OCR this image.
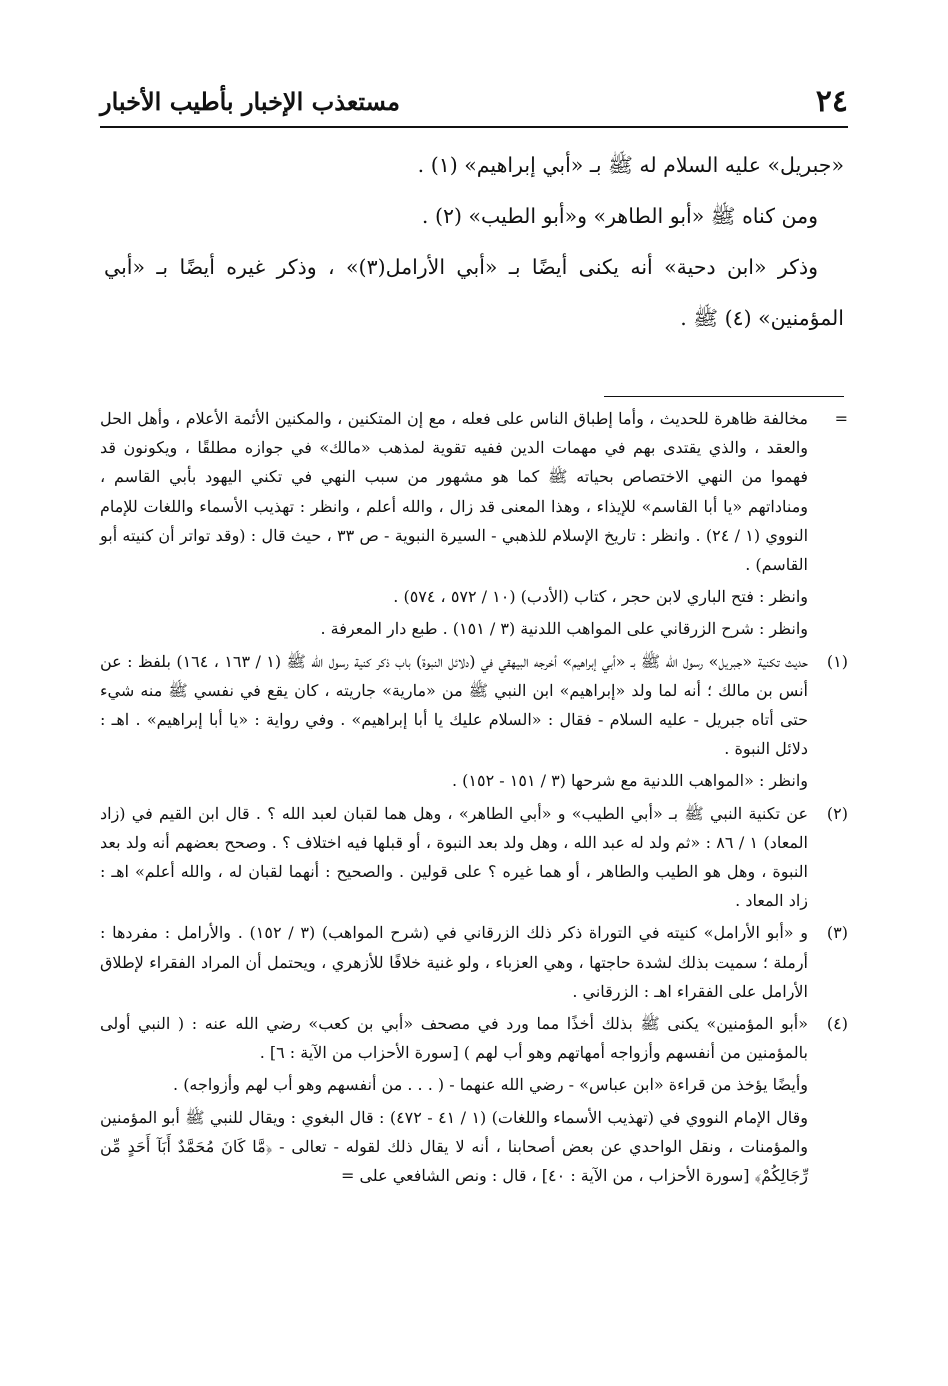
٢٤
مستعذب الإخبار بأطيب الأخبار

«جبريل» عليه السلام له ﷺ بـ «أبي إبراهيم» (١) .

ومن كناه ﷺ «أبو الطاهر» و«أبو الطيب» (٢) .

وذكر «ابن دحية» أنه يكنى أيضًا بـ «أبي الأرامل(٣)» ، وذكر غيره أيضًا بـ «أبي المؤمنين» (٤) ﷺ .

=

مخالفة ظاهرة للحديث ، وأما إطباق الناس على فعله ، مع إن المتكنين ، والمكنين الأئمة الأعلام ، وأهل الحل والعقد ، والذي يقتدى بهم في مهمات الدين ففيه تقوية لمذهب «مالك» في جوازه مطلقًا ، ويكونون قد فهموا من النهي الاختصاص بحياته ﷺ كما هو مشهور من سبب النهي في تكني اليهود بأبي القاسم ، ومناداتهم «يا أبا القاسم» للإيذاء ، وهذا المعنى قد زال ، والله أعلم ، وانظر : تهذيب الأسماء واللغات للإمام النووي (١ / ٢٤) . وانظر : تاريخ الإسلام للذهبي - السيرة النبوية - ص ٣٣ ، حيث قال : (وقد تواتر أن كنيته أبو القاسم) .

وانظر : فتح الباري لابن حجر ، كتاب (الأدب) (١٠ / ٥٧٢ ، ٥٧٤) .

وانظر : شرح الزرقاني على المواهب اللدنية (٣ / ١٥١) . طبع دار المعرفة .

(١)

حديث تكنية «جبريل» رسول الله ﷺ بـ «أبي إبراهيم» أخرجه البيهقي في (دلائل النبوة) باب ذكر كنية رسول الله ﷺ (١ / ١٦٣ ، ١٦٤) بلفظ : عن أنس بن مالك ؛ أنه لما ولد «إبراهيم» ابن النبي ﷺ من «مارية» جاريته ، كان يقع في نفسي ﷺ منه شيء حتى أتاه جبريل - عليه السلام - فقال : «السلام عليك يا أبا إبراهيم» . وفي رواية : «يا أبا إبراهيم» . اهـ : دلائل النبوة .

وانظر : «المواهب اللدنية مع شرحها (٣ / ١٥١ - ١٥٢) .

(٢)

عن تكنية النبي ﷺ بـ «أبي الطيب» و «أبي الطاهر» ، وهل هما لقبان لعبد الله ؟ . قال ابن القيم في (زاد المعاد) ١ / ٨٦ : «ثم ولد له عبد الله ، وهل ولد بعد النبوة ، أو قبلها فيه اختلاف ؟ . وصحح بعضهم أنه ولد بعد النبوة ، وهل هو الطيب والطاهر ، أو هما غيره ؟ على قولين . والصحيح : أنهما لقبان له ، والله أعلم» اهـ : زاد المعاد .

(٣)

و «أبو الأرامل» كنيته في التوراة ذكر ذلك الزرقاني في (شرح المواهب) (٣ / ١٥٢) . والأرامل : مفردها : أرملة ؛ سميت بذلك لشدة حاجتها ، وهي العزباء ، ولو غنية خلافًا للأزهري ، ويحتمل أن المراد الفقراء لإطلاق الأرامل على الفقراء اهـ : الزرقاني .

(٤)

«أبو المؤمنين» يكنى ﷺ بذلك أخذًا مما ورد في مصحف «أبي بن كعب» رضي الله عنه : ( النبي أولى بالمؤمنين من أنفسهم وأزواجه أمهاتهم وهو أب لهم ) [سورة الأحزاب من الآية : ٦] .

وأيضًا يؤخذ من قراءة «ابن عباس» - رضي الله عنهما - ( . . . من أنفسهم وهو أب لهم وأزواجه) .

وقال الإمام النووي في (تهذيب الأسماء واللغات) (١ / ٤١ - ٤٧٢) : قال البغوي : ويقال للنبي ﷺ أبو المؤمنين والمؤمنات ، ونقل الواحدي عن بعض أصحابنا ، أنه لا يقال ذلك لقوله - تعالى - ﴿مَّا كَانَ مُحَمَّدٌ أَبَآ أَحَدٍ مِّن رِّجَالِكُمْ﴾ [سورة الأحزاب ، من الآية : ٤٠] ، قال : ونص الشافعي على =
